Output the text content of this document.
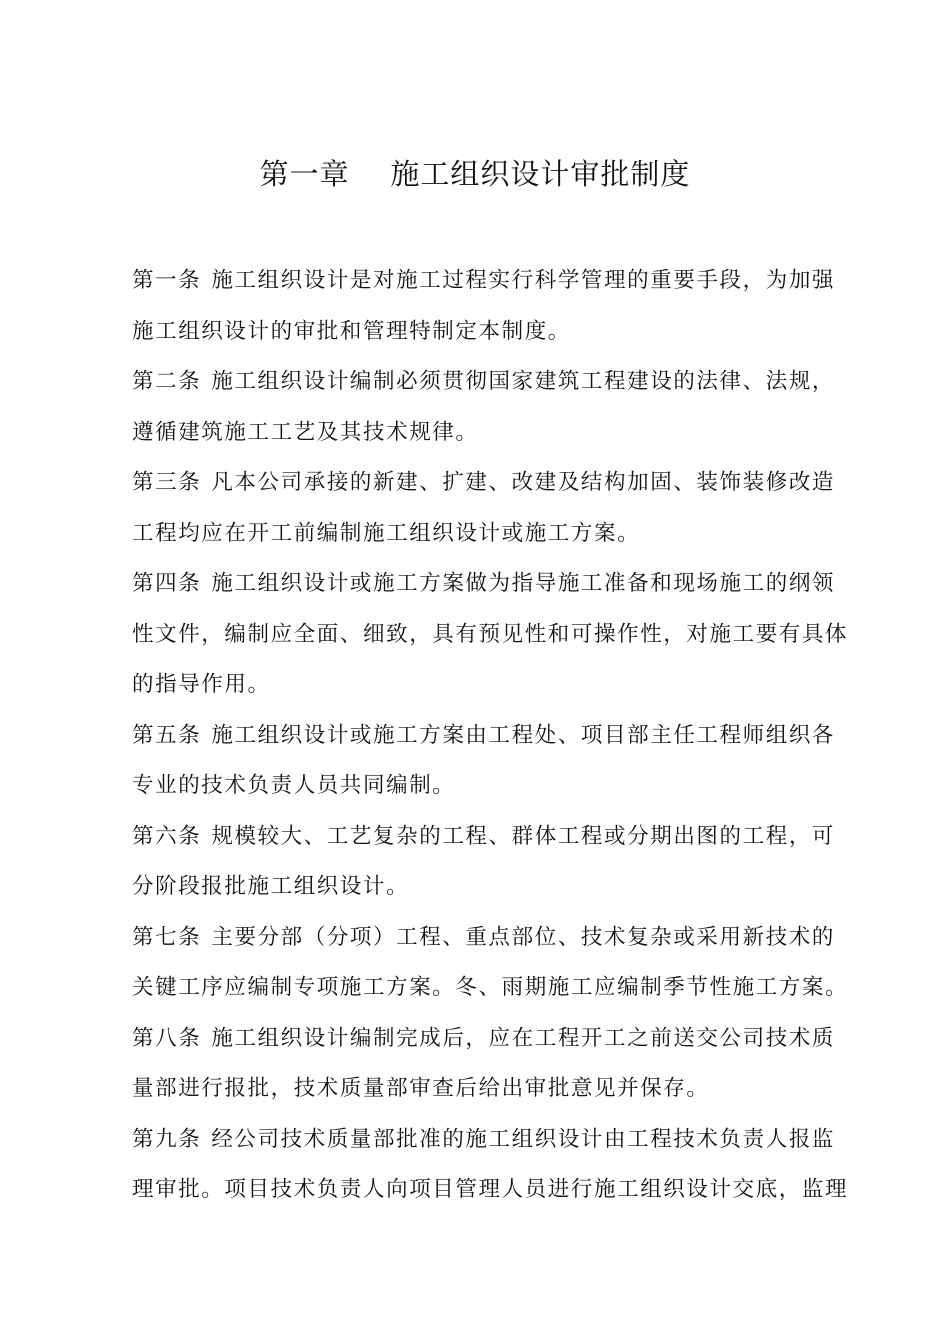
第一章    施工组织设计审批制度
第一条 施工组织设计是对施工过程实行科学管理的重要手段，为加强
施工组织设计的审批和管理特制定本制度。
第二条 施工组织设计编制必须贯彻国家建筑工程建设的法律、法规，
遵循建筑施工工艺及其技术规律。
第三条 凡本公司承接的新建、扩建、改建及结构加固、装饰装修改造
工程均应在开工前编制施工组织设计或施工方案。
第四条 施工组织设计或施工方案做为指导施工准备和现场施工的纲领
性文件，编制应全面、细致，具有预见性和可操作性，对施工要有具体
的指导作用。
第五条 施工组织设计或施工方案由工程处、项目部主任工程师组织各
专业的技术负责人员共同编制。
第六条 规模较大、工艺复杂的工程、群体工程或分期出图的工程，可
分阶段报批施工组织设计。
第七条 主要分部（分项）工程、重点部位、技术复杂或采用新技术的
关键工序应编制专项施工方案。冬、雨期施工应编制季节性施工方案。
第八条 施工组织设计编制完成后，应在工程开工之前送交公司技术质
量部进行报批，技术质量部审查后给出审批意见并保存。
第九条 经公司技术质量部批准的施工组织设计由工程技术负责人报监
理审批。项目技术负责人向项目管理人员进行施工组织设计交底，监理
